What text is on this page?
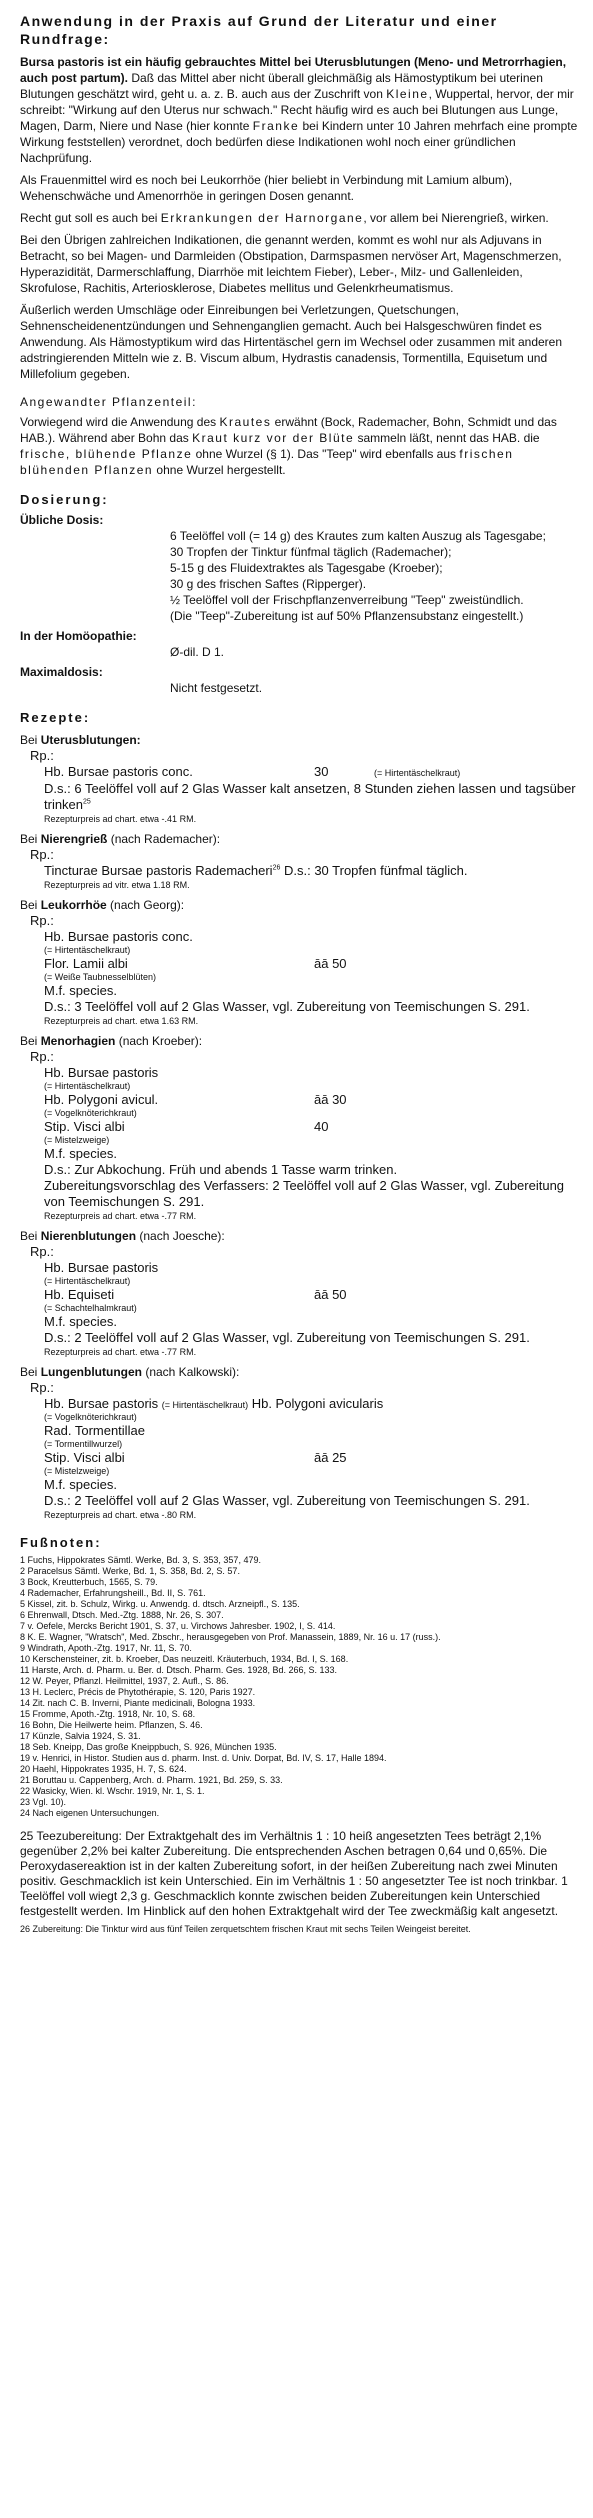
Anwendung in der Praxis auf Grund der Literatur und einer Rundfrage:

Bursa pastoris ist ein häufig gebrauchtes Mittel bei Uterusblutungen (Meno- und Metrorrhagien, auch post partum). Daß das Mittel aber nicht überall gleichmäßig als Hämostyptikum bei uterinen Blutungen geschätzt wird, geht u. a. z. B. auch aus der Zuschrift von Kleine, Wuppertal, hervor, der mir schreibt: "Wirkung auf den Uterus nur schwach." Recht häufig wird es auch bei Blutungen aus Lunge, Magen, Darm, Niere und Nase (hier konnte Franke bei Kindern unter 10 Jahren mehrfach eine prompte Wirkung feststellen) verordnet, doch bedürfen diese Indikationen wohl noch einer gründlichen Nachprüfung.

Als Frauenmittel wird es noch bei Leukorrhöe (hier beliebt in Verbindung mit Lamium album), Wehenschwäche und Amenorrhöe in geringen Dosen genannt.

Recht gut soll es auch bei Erkrankungen der Harnorgane, vor allem bei Nierengrieß, wirken.

Bei den Übrigen zahlreichen Indikationen, die genannt werden, kommt es wohl nur als Adjuvans in Betracht, so bei Magen- und Darmleiden (Obstipation, Darmspasmen nervöser Art, Magenschmerzen, Hyperazidität, Darmerschlaffung, Diarrhöe mit leichtem Fieber), Leber-, Milz- und Gallenleiden, Skrofulose, Rachitis, Arteriosklerose, Diabetes mellitus und Gelenkrheumatismus.

Äußerlich werden Umschläge oder Einreibungen bei Verletzungen, Quetschungen, Sehnenscheidenentzündungen und Sehnenganglien gemacht. Auch bei Halsgeschwüren findet es Anwendung. Als Hämostyptikum wird das Hirtentäschel gern im Wechsel oder zusammen mit anderen adstringierenden Mitteln wie z. B. Viscum album, Hydrastis canadensis, Tormentilla, Equisetum und Millefolium gegeben.

Angewandter Pflanzenteil:

Vorwiegend wird die Anwendung des Krautes erwähnt (Bock, Rademacher, Bohn, Schmidt und das HAB.). Während aber Bohn das Kraut kurz vor der Blüte sammeln läßt, nennt das HAB. die frische, blühende Pflanze ohne Wurzel (§ 1). Das "Teep" wird ebenfalls aus frischen blühenden Pflanzen ohne Wurzel hergestellt.

Dosierung:
Übliche Dosis:
6 Teelöffel voll (= 14 g) des Krautes zum kalten Auszug als Tagesgabe;
30 Tropfen der Tinktur fünfmal täglich (Rademacher);
5-15 g des Fluidextraktes als Tagesgabe (Kroeber);
30 g des frischen Saftes (Ripperger).
½ Teelöffel voll der Frischpflanzenverreibung "Teep" zweistündlich.
(Die "Teep"-Zubereitung ist auf 50% Pflanzensubstanz eingestellt.)
In der Homöopathie:
Ø-dil. D 1.
Maximaldosis:
Nicht festgesetzt.
Rezepte:
Bei Uterusblutungen:
Rp.:
Hb. Bursae pastoris conc.	30	(= Hirtentäschelkraut)
D.s.: 6 Teelöffel voll auf 2 Glas Wasser kalt ansetzen, 8 Stunden ziehen lassen und tagsüber trinken$^{25}$
Rezepturpreis ad chart. etwa -.41 RM.
Bei Nierengrieß (nach Rademacher):
Rp.:
Tincturae Bursae pastoris Rademacheri$^{26}$ D.s.: 30 Tropfen fünfmal täglich.
Rezepturpreis ad vitr. etwa 1.18 RM.
Bei Leukorrhöe (nach Georg):
Rp.:
Hb. Bursae pastoris conc.
(= Hirtentäschelkraut)
Flor. Lamii albi	āā 50
(= Weiße Taubnesselblüten)
M.f. species.
D.s.: 3 Teelöffel voll auf 2 Glas Wasser, vgl. Zubereitung von Teemischungen S. 291.
Rezepturpreis ad chart. etwa 1.63 RM.
Bei Menorhagien (nach Kroeber):
Rp.:
Hb. Bursae pastoris
(= Hirtentäschelkraut)
Hb. Polygoni avicul.	āā 30
(= Vogelknöterichkraut)
Stip. Visci albi	40
(= Mistelzweige)
M.f. species.
D.s.: Zur Abkochung. Früh und abends 1 Tasse warm trinken.
Zubereitungsvorschlag des Verfassers: 2 Teelöffel voll auf 2 Glas Wasser, vgl. Zubereitung von Teemischungen S. 291.
Rezepturpreis ad chart. etwa -.77 RM.
Bei Nierenblutungen (nach Joesche):
Rp.:
Hb. Bursae pastoris
(= Hirtentäschelkraut)
Hb. Equiseti	āā 50
(= Schachtelhalmkraut)
M.f. species.
D.s.: 2 Teelöffel voll auf 2 Glas Wasser, vgl. Zubereitung von Teemischungen S. 291.
Rezepturpreis ad chart. etwa -.77 RM.
Bei Lungenblutungen (nach Kalkowski):
Rp.:
Hb. Bursae pastoris (= Hirtentäschelkraut) Hb. Polygoni avicularis
(= Vogelknöterichkraut)
Rad. Tormentillae
(= Tormentillwurzel)
Stip. Visci albi	āā 25
(= Mistelzweige)
M.f. species.
D.s.: 2 Teelöffel voll auf 2 Glas Wasser, vgl. Zubereitung von Teemischungen S. 291.
Rezepturpreis ad chart. etwa -.80 RM.
Fußnoten:
1 Fuchs, Hippokrates Sämtl. Werke, Bd. 3, S. 353, 357, 479.
2 Paracelsus Sämtl. Werke, Bd. 1, S. 358, Bd. 2, S. 57.
3 Bock, Kreutterbuch, 1565, S. 79.
4 Rademacher, Erfahrungsheill., Bd. II, S. 761.
5 Kissel, zit. b. Schulz, Wirkg. u. Anwendg. d. dtsch. Arzneipfl., S. 135.
6 Ehrenwall, Dtsch. Med.-Ztg. 1888, Nr. 26, S. 307.
7 v. Oefele, Mercks Bericht 1901, S. 37, u. Virchows Jahresber. 1902, I, S. 414.
8 K. E. Wagner, "Wratsch", Med. Zbschr., herausgegeben von Prof. Manassein, 1889, Nr. 16 u. 17 (russ.).
9 Windrath, Apoth.-Ztg. 1917, Nr. 11, S. 70.
10 Kerschensteiner, zit. b. Kroeber, Das neuzeitl. Kräuterbuch, 1934, Bd. I, S. 168.
11 Harste, Arch. d. Pharm. u. Ber. d. Dtsch. Pharm. Ges. 1928, Bd. 266, S. 133.
12 W. Peyer, Pflanzl. Heilmittel, 1937, 2. Aufl., S. 86.
13 H. Leclerc, Précis de Phytothérapie, S. 120, Paris 1927.
14 Zit. nach C. B. Inverni, Piante medicinali, Bologna 1933.
15 Fromme, Apoth.-Ztg. 1918, Nr. 10, S. 68.
16 Bohn, Die Heilwerte heim. Pflanzen, S. 46.
17 Künzle, Salvia 1924, S. 31.
18 Seb. Kneipp, Das große Kneippbuch, S. 926, München 1935.
19 v. Henrici, in Histor. Studien aus d. pharm. Inst. d. Univ. Dorpat, Bd. IV, S. 17, Halle 1894.
20 Haehl, Hippokrates 1935, H. 7, S. 624.
21 Boruttau u. Cappenberg, Arch. d. Pharm. 1921, Bd. 259, S. 33.
22 Wasicky, Wien. kl. Wschr. 1919, Nr. 1, S. 1.
23 Vgl. 10).
24 Nach eigenen Untersuchungen.

25 Teezubereitung: Der Extraktgehalt des im Verhältnis 1 : 10 heiß angesetzten Tees beträgt 2,1% gegenüber 2,2% bei kalter Zubereitung. Die entsprechenden Aschen betragen 0,64 und 0,65%. Die Peroxydasereaktion ist in der kalten Zubereitung sofort, in der heißen Zubereitung nach zwei Minuten positiv. Geschmacklich ist kein Unterschied. Ein im Verhältnis 1 : 50 angesetzter Tee ist noch trinkbar. 1 Teelöffel voll wiegt 2,3 g. Geschmacklich konnte zwischen beiden Zubereitungen kein Unterschied festgestellt werden. Im Hinblick auf den hohen Extraktgehalt wird der Tee zweckmäßig kalt angesetzt.

26 Zubereitung: Die Tinktur wird aus fünf Teilen zerquetschtem frischen Kraut mit sechs Teilen Weingeist bereitet.
